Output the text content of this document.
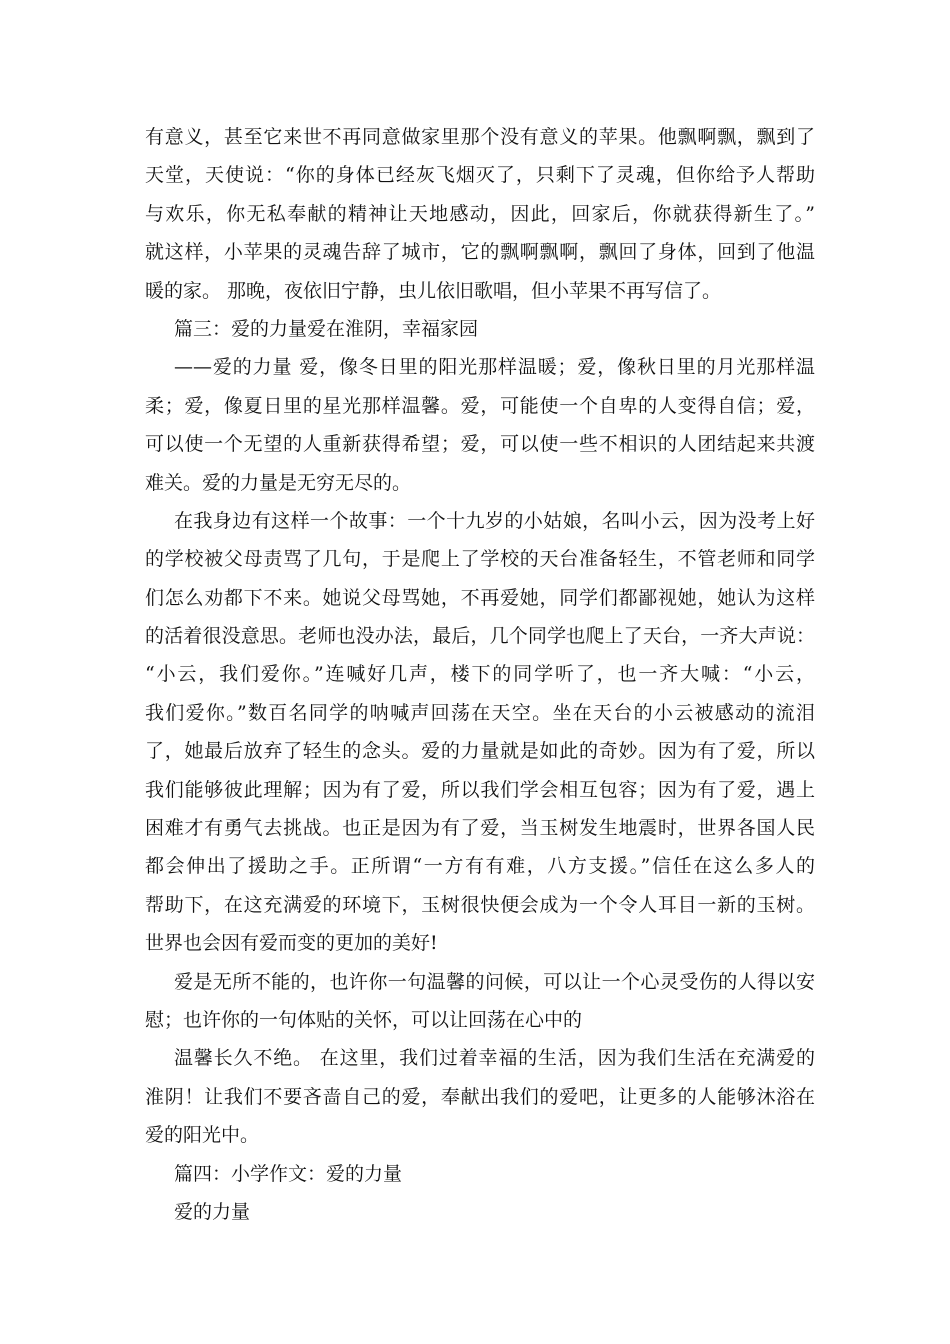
有意义，甚至它来世不再同意做家里那个没有意义的苹果。他飘啊飘，飘到了
天堂，天使说：“你的身体已经灰飞烟灭了，只剩下了灵魂，但你给予人帮助
与欢乐，你无私奉献的精神让天地感动，因此，回家后，你就获得新生了。”
就这样，小苹果的灵魂告辞了城市，它的飘啊飘啊，飘回了身体，回到了他温
暖的家。 那晚，夜依旧宁静，虫儿依旧歌唱，但小苹果不再写信了。
篇三：爱的力量爱在淮阴，幸福家园
——爱的力量 爱，像冬日里的阳光那样温暖；爱，像秋日里的月光那样温
柔；爱，像夏日里的星光那样温馨。爱，可能使一个自卑的人变得自信；爱，
可以使一个无望的人重新获得希望；爱，可以使一些不相识的人团结起来共渡
难关。爱的力量是无穷无尽的。
在我身边有这样一个故事：一个十九岁的小姑娘，名叫小云，因为没考上好
的学校被父母责骂了几句，于是爬上了学校的天台准备轻生，不管老师和同学
们怎么劝都下不来。她说父母骂她，不再爱她，同学们都鄙视她，她认为这样
的活着很没意思。老师也没办法，最后，几个同学也爬上了天台，一齐大声说：
“小云，我们爱你。”连喊好几声，楼下的同学听了，也一齐大喊：“小云，
我们爱你。”数百名同学的呐喊声回荡在天空。坐在天台的小云被感动的流泪
了，她最后放弃了轻生的念头。爱的力量就是如此的奇妙。因为有了爱，所以
我们能够彼此理解；因为有了爱，所以我们学会相互包容；因为有了爱，遇上
困难才有勇气去挑战。也正是因为有了爱，当玉树发生地震时，世界各国人民
都会伸出了援助之手。正所谓“一方有有难，八方支援。”信任在这么多人的
帮助下，在这充满爱的环境下，玉树很快便会成为一个令人耳目一新的玉树。
世界也会因有爱而变的更加的美好!
爱是无所不能的，也许你一句温馨的问候，可以让一个心灵受伤的人得以安
慰；也许你的一句体贴的关怀，可以让回荡在心中的
温馨长久不绝。 在这里，我们过着幸福的生活，因为我们生活在充满爱的
淮阴！让我们不要吝啬自己的爱，奉献出我们的爱吧，让更多的人能够沐浴在
爱的阳光中。
篇四：小学作文：爱的力量
爱的力量
